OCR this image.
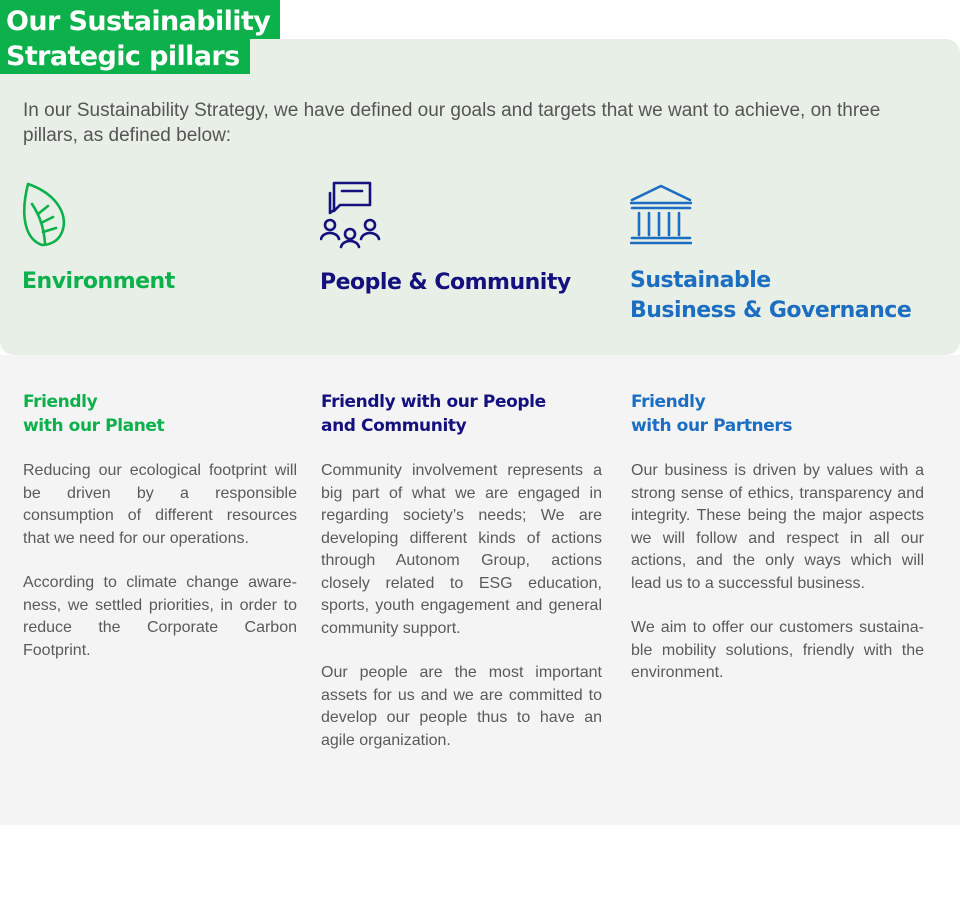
Our Sustainability
Strategic pillars
In our Sustainability Strategy, we have defined our goals and targets that we want to achieve, on three pillars, as defined below:
Environment	People & Community	Sustainable
Business & Governance
Friendly
with our Planet

Reducing our ecological footprint will be driven by a responsible consumption of different resources that we need for our operations.

According to climate change awareness, we settled priorities, in order to reduce the Corporate Carbon Footprint.

Friendly with our People
and Community

Community involvement represents a big part of what we are engaged in regarding society’s needs; We are developing different kinds of actions through Autonom Group, actions closely related to ESG education, sports, youth engagement and general community support.

Our people are the most important assets for us and we are committed to develop our people thus to have an agile organization.

Friendly
with our Partners

Our business is driven by values with a strong sense of ethics, transparency and integrity. These being the major aspects we will follow and respect in all our actions, and the only ways which will lead us to a successful business.

We aim to offer our customers sustainable mobility solutions, friendly with the environment.
